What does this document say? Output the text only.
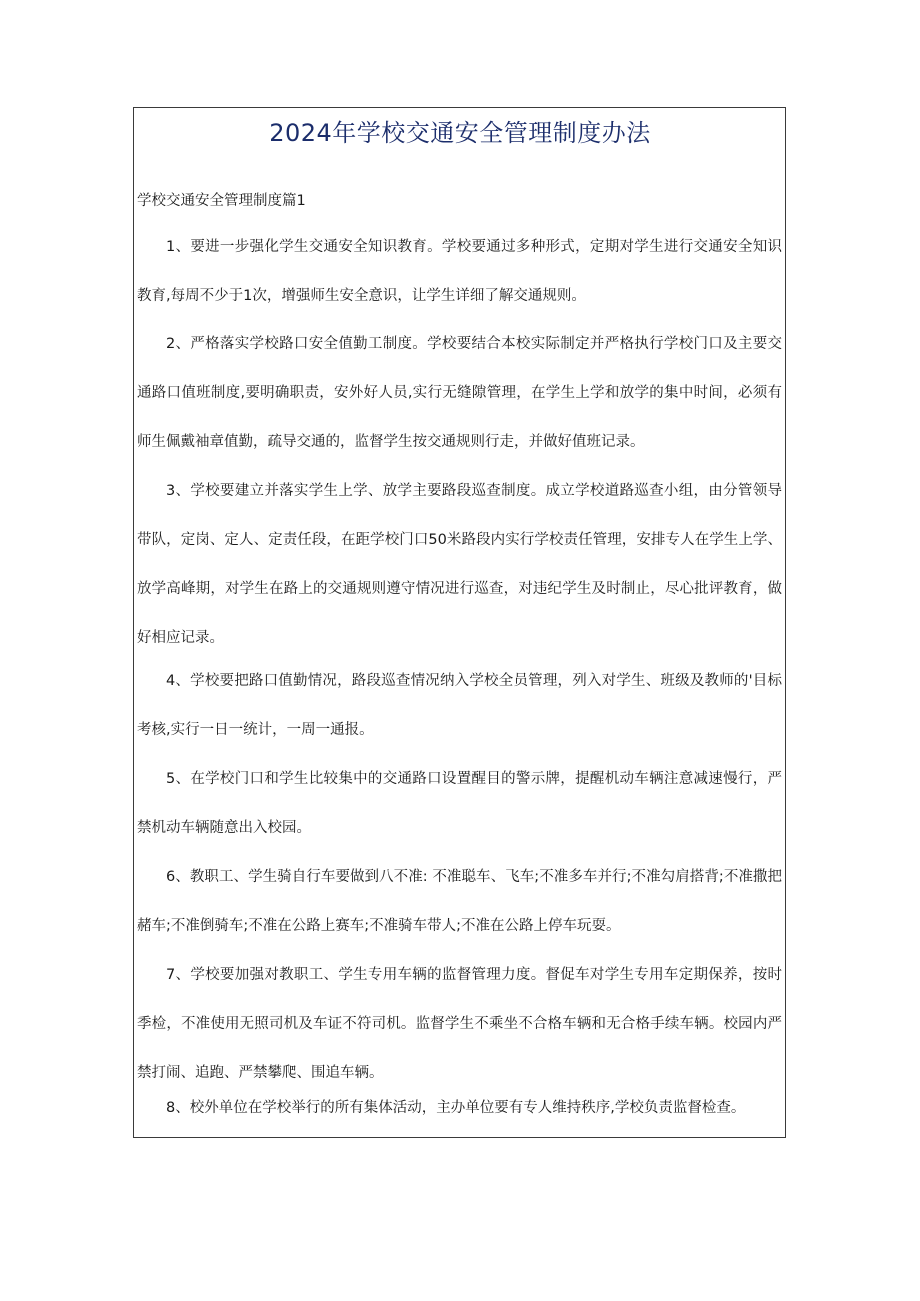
2024年学校交通安全管理制度办法
学校交通安全管理制度篇1

1、要进一步强化学生交通安全知识教育。学校要通过多种形式，定期对学生进行交通安全知识教育,每周不少于1次，增强师生安全意识，让学生详细了解交通规则。

2、严格落实学校路口安全值勤工制度。学校要结合本校实际制定并严格执行学校门口及主要交通路口值班制度,要明确职责，安外好人员,实行无缝隙管理，在学生上学和放学的集中时间，必须有师生佩戴袖章值勤，疏导交通的，监督学生按交通规则行走，并做好值班记录。

3、学校要建立并落实学生上学、放学主要路段巡查制度。成立学校道路巡查小组，由分管领导带队，定岗、定人、定责任段，在距学校门口50米路段内实行学校责任管理，安排专人在学生上学、放学高峰期，对学生在路上的交通规则遵守情况进行巡查，对违纪学生及时制止，尽心批评教育，做好相应记录。

4、学校要把路口值勤情况，路段巡查情况纳入学校全员管理，列入对学生、班级及教师的'目标考核,实行一日一统计，一周一通报。

5、在学校门口和学生比较集中的交通路口设置醒目的警示牌，提醒机动车辆注意减速慢行，严禁机动车辆随意出入校园。

6、教职工、学生骑自行车要做到八不准: 不准聪车、飞车;不准多车并行;不准勾肩搭背;不准撒把赭车;不准倒骑车;不准在公路上赛车;不准骑车带人;不准在公路上停车玩耍。

7、学校要加强对教职工、学生专用车辆的监督管理力度。督促车对学生专用车定期保养，按时季检，不准使用无照司机及车证不符司机。监督学生不乘坐不合格车辆和无合格手续车辆。校园内严禁打闹、追跑、严禁攀爬、围追车辆。

8、校外单位在学校举行的所有集体活动，主办单位要有专人维持秩序,学校负责监督检查。
